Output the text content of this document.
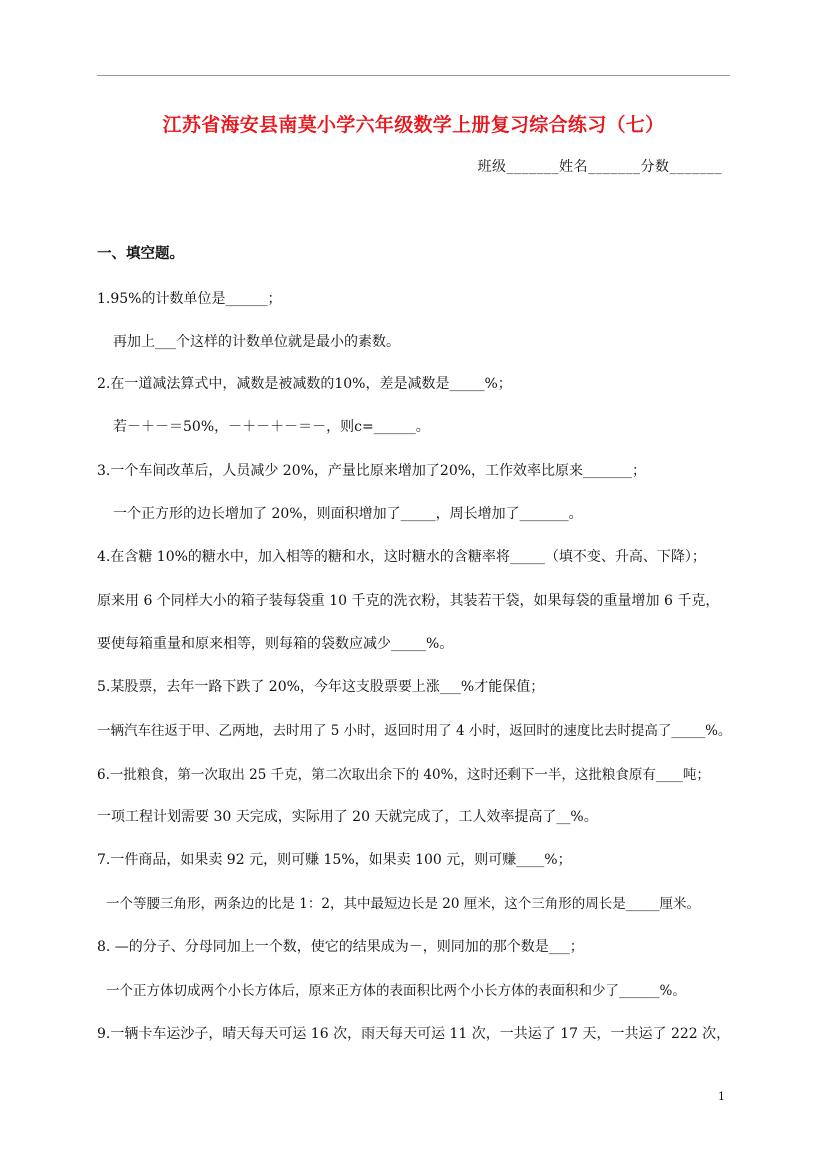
江苏省海安县南莫小学六年级数学上册复习综合练习（七）
班级_______姓名_______分数_______
一、填空题。
1.95%的计数单位是______；
再加上___个这样的计数单位就是最小的素数。
2.在一道减法算式中，减数是被减数的10%，差是减数是_____%；
若－＋－＝50%，－＋－＋－＝－，则c=______。
3.一个车间改革后，人员减少 20%，产量比原来增加了20%，工作效率比原来_______；
一个正方形的边长增加了 20%，则面积增加了_____，周长增加了_______。
4.在含糖 10%的糖水中，加入相等的糖和水，这时糖水的含糖率将_____（填不变、升高、下降）；
原来用 6 个同样大小的箱子装每袋重 10 千克的洗衣粉，其装若干袋，如果每袋的重量增加 6 千克，
要使每箱重量和原来相等，则每箱的袋数应减少_____%。
5.某股票，去年一路下跌了 20%，今年这支股票要上涨___%才能保值；
一辆汽车往返于甲、乙两地，去时用了 5 小时，返回时用了 4 小时，返回时的速度比去时提高了_____%。
6.一批粮食，第一次取出 25 千克，第二次取出余下的 40%，这时还剩下一半，这批粮食原有____吨；
一项工程计划需要 30 天完成，实际用了 20 天就完成了，工人效率提高了__%。
7.一件商品，如果卖 92 元，则可赚 15%，如果卖 100 元，则可赚____%；
一个等腰三角形，两条边的比是 1：2，其中最短边长是 20 厘米，这个三角形的周长是_____厘米。
8. —的分子、分母同加上一个数，使它的结果成为－，则同加的那个数是___；
一个正方体切成两个小长方体后，原来正方体的表面积比两个小长方体的表面积和少了______%。
9.一辆卡车运沙子，晴天每天可运 16 次，雨天每天可运 11 次，一共运了 17 天，一共运了 222 次，
1
